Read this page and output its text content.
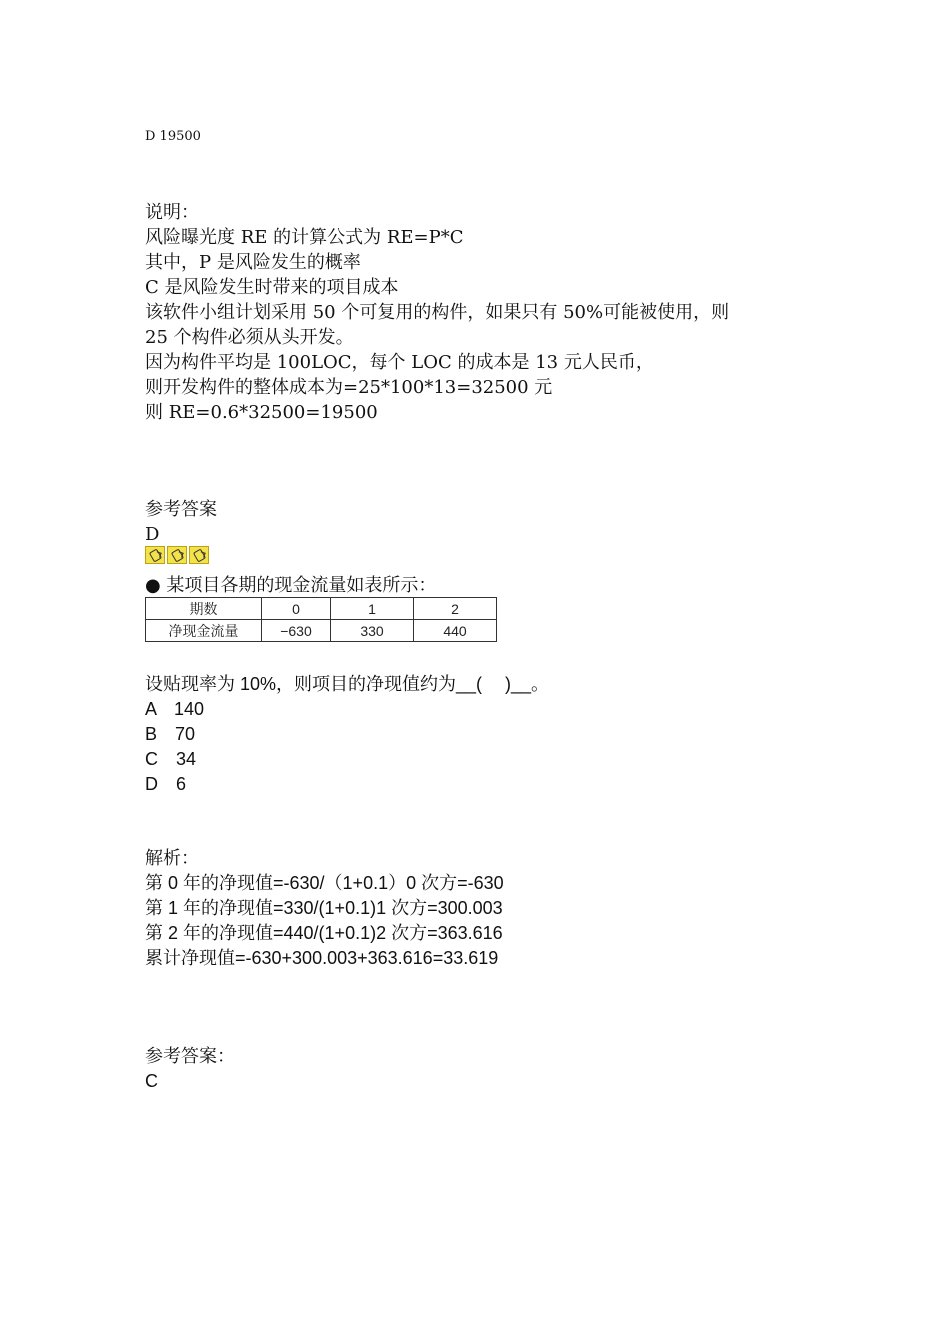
D 19500
说明：
风险曝光度 RE 的计算公式为 RE=P*C
其中，P 是风险发生的概率
C 是风险发生时带来的项目成本
该软件小组计划采用 50 个可复用的构件，如果只有 50%可能被使用，则
25 个构件必须从头开发。
因为构件平均是 100LOC，每个 LOC 的成本是 13 元人民币，
则开发构件的整体成本为=25*100*13=32500 元
则 RE=0.6*32500=19500
参考答案
D
● 某项目各期的现金流量如表所示：
期数	0	1	2
净现金流量	−630	330	440
设贴现率为 10%，则项目的净现值约为__(　 )__。
A　140
B　70
C　34
D　6
解析：
第 0 年的净现值=-630/（1+0.1）0 次方=-630
第 1 年的净现值=330/(1+0.1)1 次方=300.003
第 2 年的净现值=440/(1+0.1)2 次方=363.616
累计净现值=-630+300.003+363.616=33.619
参考答案：
C
